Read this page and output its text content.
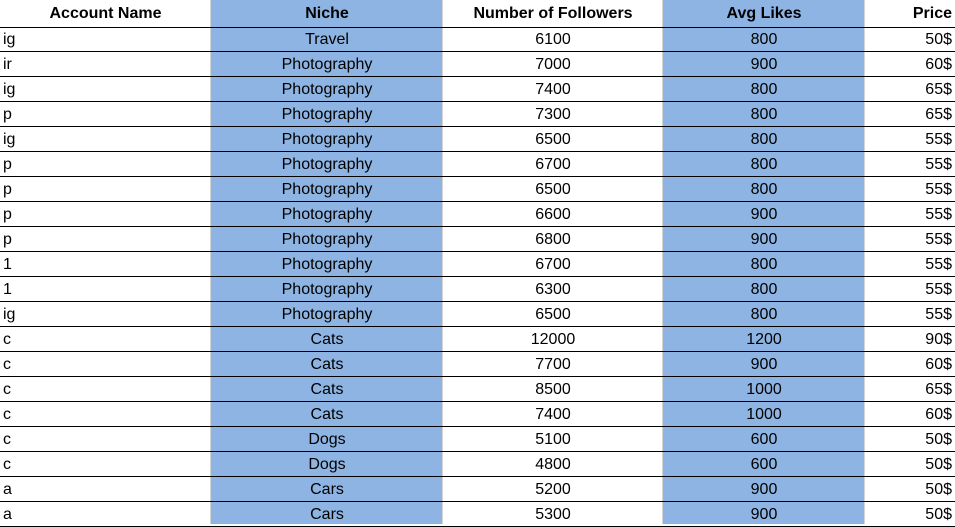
Account Name	Niche	Number of Followers	Avg Likes	Price
ig	Travel	6100	800	50$
ir	Photography	7000	900	60$
ig	Photography	7400	800	65$
p	Photography	7300	800	65$
ig	Photography	6500	800	55$
p	Photography	6700	800	55$
p	Photography	6500	800	55$
p	Photography	6600	900	55$
p	Photography	6800	900	55$
1	Photography	6700	800	55$
1	Photography	6300	800	55$
ig	Photography	6500	800	55$
c	Cats	12000	1200	90$
c	Cats	7700	900	60$
c	Cats	8500	1000	65$
c	Cats	7400	1000	60$
c	Dogs	5100	600	50$
c	Dogs	4800	600	50$
a	Cars	5200	900	50$
a	Cars	5300	900	50$
